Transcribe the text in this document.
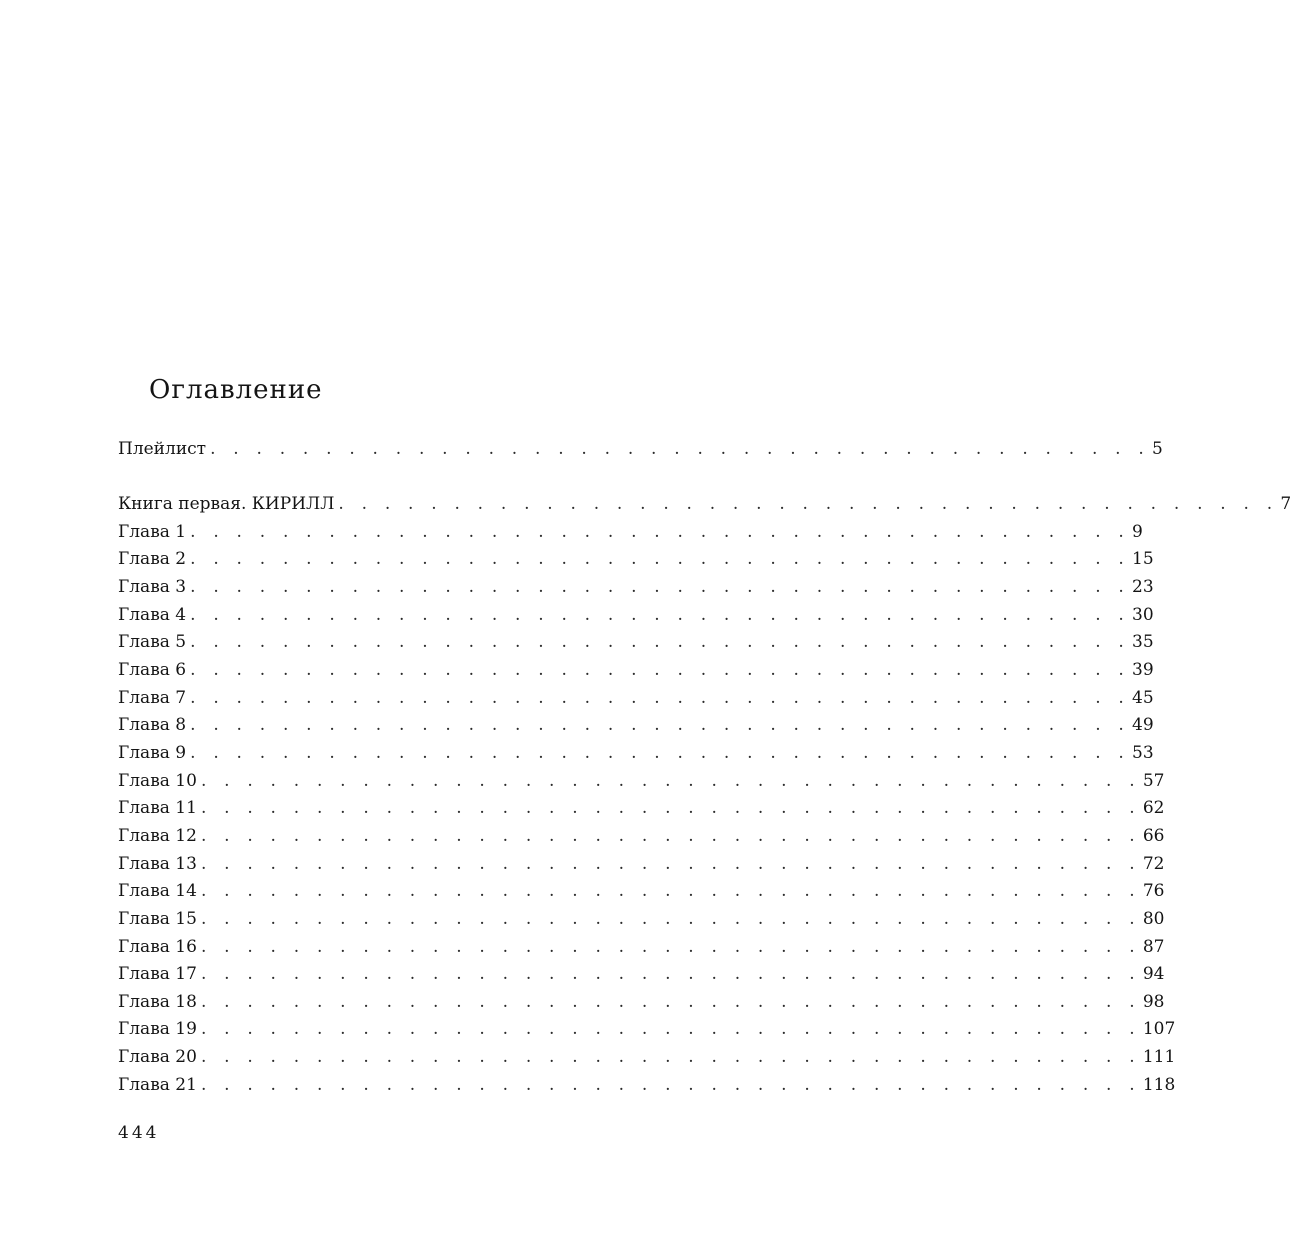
Оглавление
Плейлист . . . . . . . . . . . . . . . . . . . . . . . . . . . . . . . . . . . . . . . . . 5
Книга первая. КИРИЛЛ . . . . . . . . . . . . . . . . . . . . . . . . . . . . . . . . . . . . . . . . . 7
Глава 1 . . . . . . . . . . . . . . . . . . . . . . . . . . . . . . . . . . . . . . . . . 9
Глава 2 . . . . . . . . . . . . . . . . . . . . . . . . . . . . . . . . . . . . . . . . . 15
Глава 3 . . . . . . . . . . . . . . . . . . . . . . . . . . . . . . . . . . . . . . . . . 23
Глава 4 . . . . . . . . . . . . . . . . . . . . . . . . . . . . . . . . . . . . . . . . . 30
Глава 5 . . . . . . . . . . . . . . . . . . . . . . . . . . . . . . . . . . . . . . . . . 35
Глава 6 . . . . . . . . . . . . . . . . . . . . . . . . . . . . . . . . . . . . . . . . . 39
Глава 7 . . . . . . . . . . . . . . . . . . . . . . . . . . . . . . . . . . . . . . . . . 45
Глава 8 . . . . . . . . . . . . . . . . . . . . . . . . . . . . . . . . . . . . . . . . . 49
Глава 9 . . . . . . . . . . . . . . . . . . . . . . . . . . . . . . . . . . . . . . . . . 53
Глава 10 . . . . . . . . . . . . . . . . . . . . . . . . . . . . . . . . . . . . . . . . . 57
Глава 11 . . . . . . . . . . . . . . . . . . . . . . . . . . . . . . . . . . . . . . . . . 62
Глава 12 . . . . . . . . . . . . . . . . . . . . . . . . . . . . . . . . . . . . . . . . . 66
Глава 13 . . . . . . . . . . . . . . . . . . . . . . . . . . . . . . . . . . . . . . . . . 72
Глава 14 . . . . . . . . . . . . . . . . . . . . . . . . . . . . . . . . . . . . . . . . . 76
Глава 15 . . . . . . . . . . . . . . . . . . . . . . . . . . . . . . . . . . . . . . . . . 80
Глава 16 . . . . . . . . . . . . . . . . . . . . . . . . . . . . . . . . . . . . . . . . . 87
Глава 17 . . . . . . . . . . . . . . . . . . . . . . . . . . . . . . . . . . . . . . . . . 94
Глава 18 . . . . . . . . . . . . . . . . . . . . . . . . . . . . . . . . . . . . . . . . . 98
Глава 19 . . . . . . . . . . . . . . . . . . . . . . . . . . . . . . . . . . . . . . . . . 107
Глава 20 . . . . . . . . . . . . . . . . . . . . . . . . . . . . . . . . . . . . . . . . . 111
Глава 21 . . . . . . . . . . . . . . . . . . . . . . . . . . . . . . . . . . . . . . . . . 118
444
